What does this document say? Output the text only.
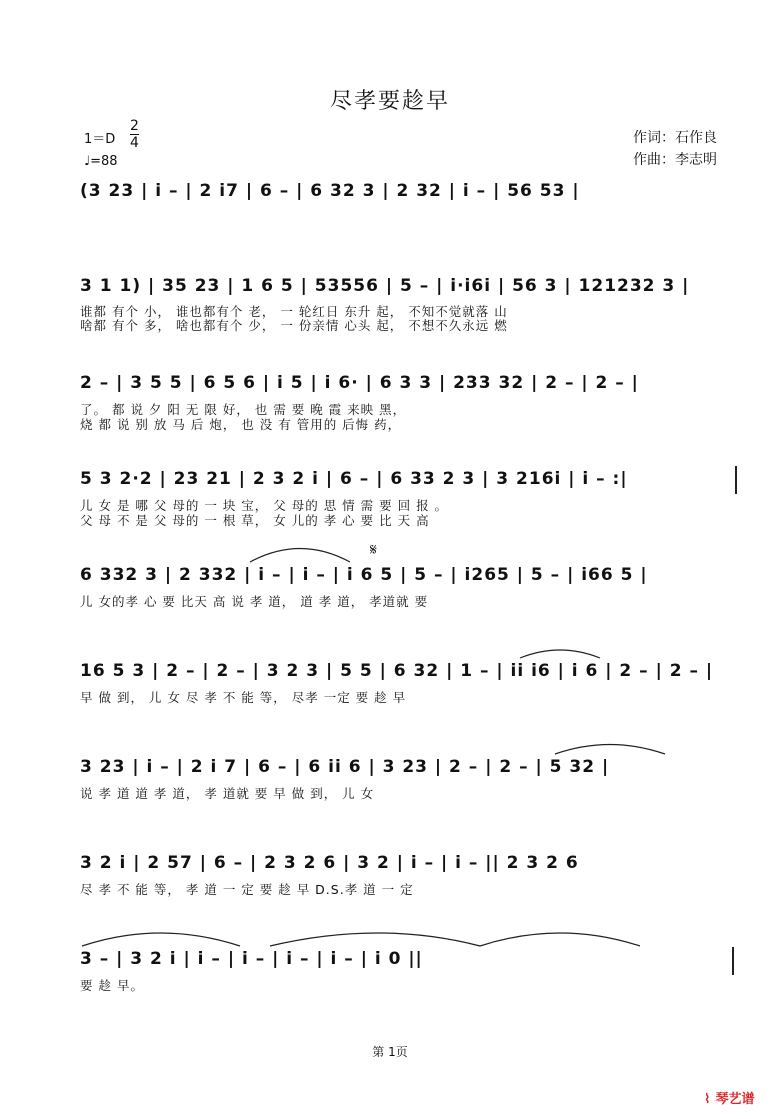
尽孝要趁早
1＝D
2
4
♩=88
作词：石作良
作曲：李志明
(3 23 | i – | 2 i7 | 6 – | 6 32 3 | 2 32 | i – | 56 53 |
3 1 1) | 35 23 | 1 6 5 | 53556 | 5 – | i·i6i | 56 3 | 121232 3 |
谁都 有个 小， 谁也都有个 老， 一 轮红日 东升 起， 不知不觉就落 山
啥都 有个 多， 啥也都有个 少， 一 份亲情 心头 起， 不想不久永远 燃
2 – | 3 5 5 | 6 5 6 | i 5 | i 6· | 6 3 3 | 233 32 | 2 – | 2 – |
了。 都 说 夕 阳 无 限 好， 也 需 要 晚 霞 来映 黑，
烧 都 说 别 放 马 后 炮， 也 没 有 管用的 后悔 药，
5 3 2·2 | 23 21 | 2 3 2 i | 6 – | 6 33 2 3 | 3 216i | i – :|
儿 女 是 哪 父 母的 一 块 宝， 父 母的 思 情 需 要 回 报 。
父 母 不 是 父 母的 一 根 草， 女 儿的 孝 心 要 比 天 高
6 332 3 | 2 332 | i – | i – | i 6 5 | 5 – | i265 | 5 – | i66 5 |
儿 女的孝 心 要 比天 高 说 孝 道， 道 孝 道， 孝道就 要
16 5 3 | 2 – | 2 – | 3 2 3 | 5 5 | 6 32 | 1 – | ii i6 | i 6 | 2 – | 2 – |
早 做 到， 儿 女 尽 孝 不 能 等， 尽孝 一定 要 趁 早
3 23 | i – | 2 i 7 | 6 – | 6 ii 6 | 3 23 | 2 – | 2 – | 5 32 |
说 孝 道 道 孝 道， 孝 道就 要 早 做 到， 儿 女
3 2 i | 2 57 | 6 – | 2 3 2 6 | 3 2 | i – | i – || 2 3 2 6
尽 孝 不 能 等， 孝 道 一 定 要 趁 早 D.S.孝 道 一 定
3 – | 3 2 i | i – | i – | i – | i – | i 0 ||
要 趁 早。
𝄋
第 1页
⌇ 琴艺谱
